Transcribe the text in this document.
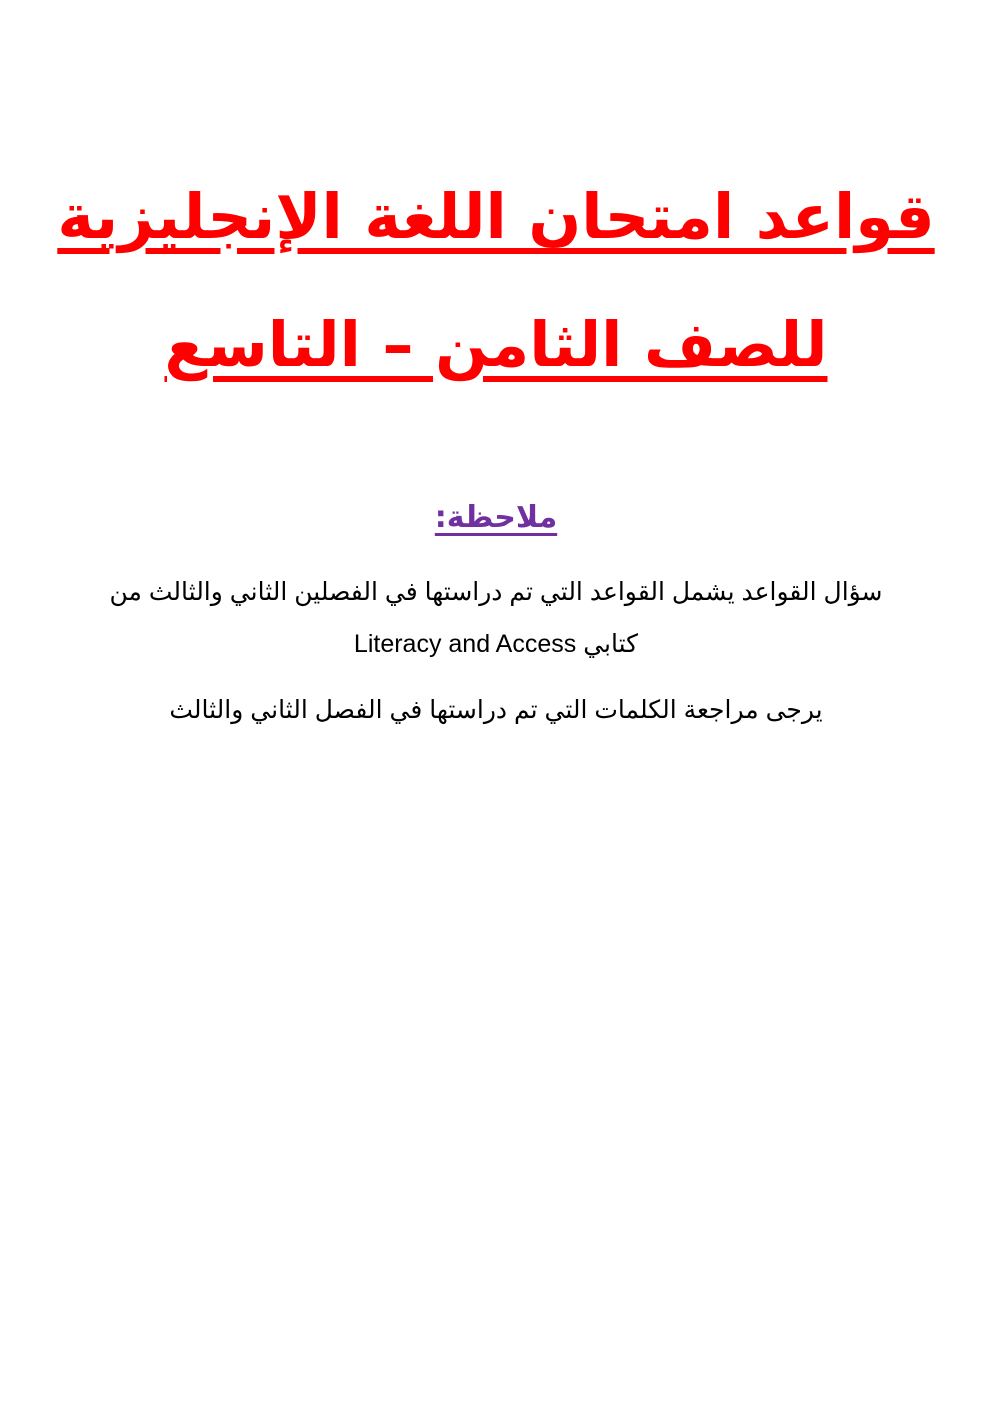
قواعد امتحان اللغة الإنجليزية
للصف الثامن – التاسع
ملاحظة:
سؤال القواعد يشمل القواعد التي تم دراستها في الفصلين الثاني والثالث من
كتابي Literacy and Access
يرجى مراجعة الكلمات التي تم دراستها في الفصل الثاني والثالث
